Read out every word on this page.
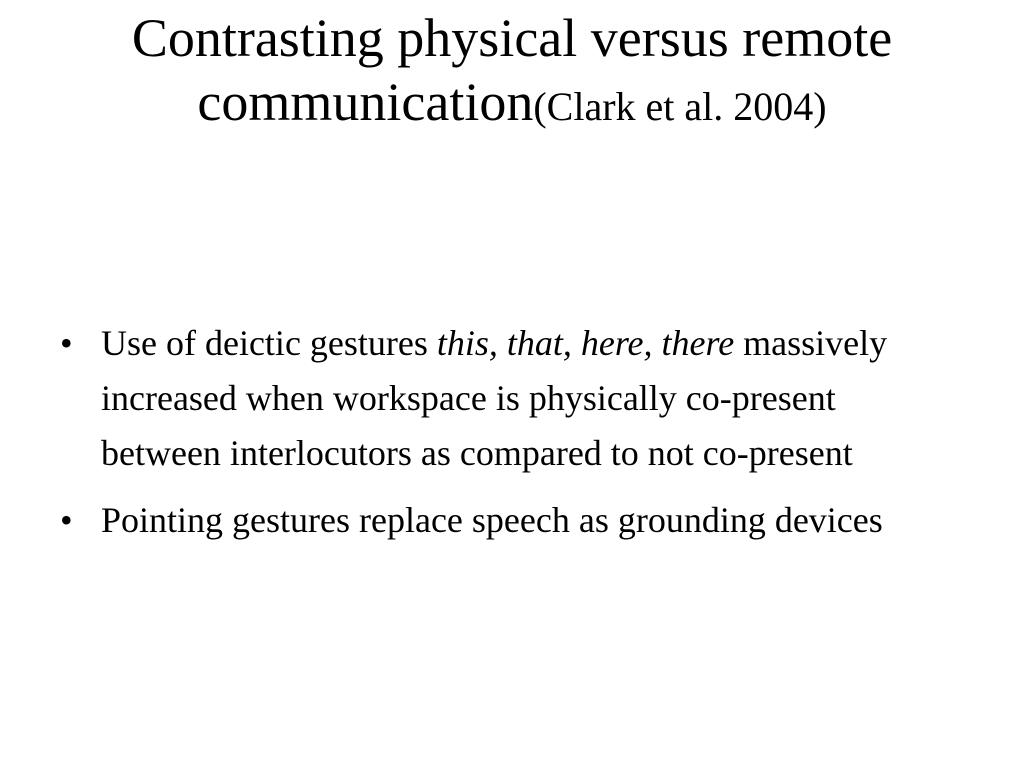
Contrasting physical versus remote communication(Clark et al. 2004)
• Use of deictic gestures this, that, here, there massively increased when workspace is physically co-present between interlocutors as compared to not co-present
• Pointing gestures replace speech as grounding devices
